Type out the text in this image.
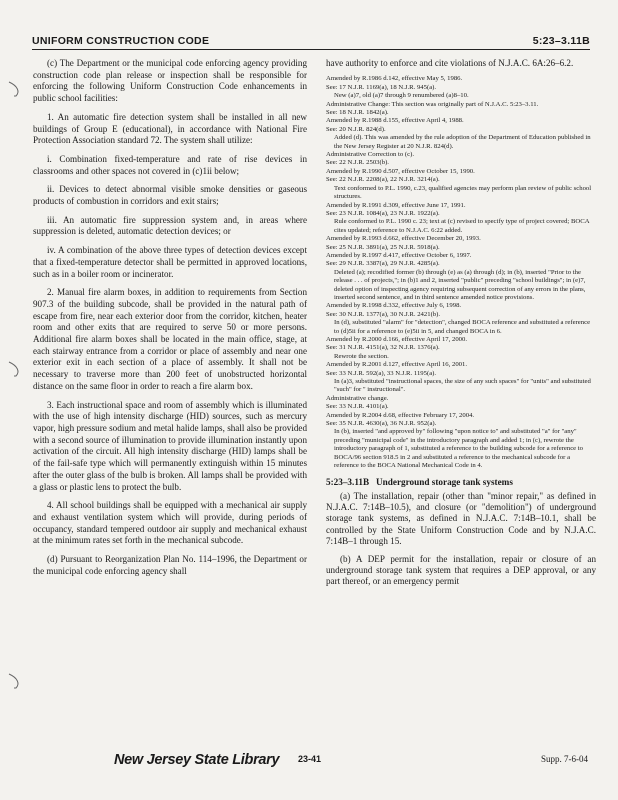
UNIFORM CONSTRUCTION CODE	5:23–3.11B

(c) The Department or the municipal code enforcing agency providing construction code plan release or inspection shall be responsible for enforcing the following Uniform Construction Code enhancements in public school facilities:

1. An automatic fire detection system shall be installed in all new buildings of Group E (educational), in accordance with National Fire Protection Association standard 72. The system shall utilize:

i. Combination fixed-temperature and rate of rise devices in classrooms and other spaces not covered in (c)1ii below;

ii. Devices to detect abnormal visible smoke densities or gaseous products of combustion in corridors and exit stairs;

iii. An automatic fire suppression system and, in areas where suppression is deleted, automatic detection devices; or

iv. A combination of the above three types of detection devices except that a fixed-temperature detector shall be permitted in approved locations, such as in a boiler room or incinerator.

2. Manual fire alarm boxes, in addition to requirements from Section 907.3 of the building subcode, shall be provided in the natural path of escape from fire, near each exterior door from the corridor, kitchen, heater room and other exits that are required to serve 50 or more persons. Additional fire alarm boxes shall be located in the main office, stage, at each stairway entrance from a corridor or place of assembly and near one exterior exit in each section of a place of assembly. It shall not be necessary to traverse more than 200 feet of unobstructed horizontal distance on the same floor in order to reach a fire alarm box.

3. Each instructional space and room of assembly which is illuminated with the use of high intensity discharge (HID) sources, such as mercury vapor, high pressure sodium and metal halide lamps, shall also be provided with a second source of illumination to provide illumination instantly upon activation of the circuit. All high intensity discharge (HID) lamps shall be of the fail-safe type which will permanently extinguish within 15 minutes after the outer glass of the bulb is broken. All lamps shall be provided with a glass or plastic lens to protect the bulb.

4. All school buildings shall be equipped with a mechanical air supply and exhaust ventilation system which will provide, during periods of occupancy, standard tempered outdoor air supply and mechanical exhaust at the minimum rates set forth in the mechanical subcode.

(d) Pursuant to Reorganization Plan No. 114–1996, the Department or the municipal code enforcing agency shall

have authority to enforce and cite violations of N.J.A.C. 6A:26–6.2.

Amended by R.1986 d.142, effective May 5, 1986.
See: 17 N.J.R. 1169(a), 18 N.J.R. 945(a).
New (a)7, old (a)7 through 9 renumbered (a)8–10.
Administrative Change: This section was originally part of N.J.A.C. 5:23–3.11.
See: 18 N.J.R. 1842(a).
Amended by R.1988 d.155, effective April 4, 1988.
See: 20 N.J.R. 824(d).
Added (d). This was amended by the rule adoption of the Department of Education published in the New Jersey Register at 20 N.J.R. 824(d).
Administrative Correction to (c).
See: 22 N.J.R. 2503(b).
Amended by R.1990 d.507, effective October 15, 1990.
See: 22 N.J.R. 2208(a), 22 N.J.R. 3214(a).
Text conformed to P.L. 1990, c.23, qualified agencies may perform plan review of public school structures.
Amended by R.1991 d.309, effective June 17, 1991.
See: 23 N.J.R. 1084(a), 23 N.J.R. 1922(a).
Rule conformed to P.L. 1990 c. 23; text at (c) revised to specify type of project covered; BOCA cites updated; reference to N.J.A.C. 6:22 added.
Amended by R.1993 d.662, effective December 20, 1993.
See: 25 N.J.R. 3891(a), 25 N.J.R. 5918(a).
Amended by R.1997 d.417, effective October 6, 1997.
See: 29 N.J.R. 3387(a), 29 N.J.R. 4285(a).
Deleted (a); recodified former (b) through (e) as (a) through (d); in (b), inserted "Prior to the release . . . of projects,"; in (b)1 and 2, inserted "public" preceding "school buildings"; in (e)7, deleted option of inspecting agency requiring subsequent correction of any errors in the plans, inserted second sentence, and in third sentence amended notice provisions.
Amended by R.1998 d.332, effective July 6, 1998.
See: 30 N.J.R. 1377(a), 30 N.J.R. 2421(b).
In (d), substituted "alarm" for "detection", changed BOCA reference and substituted a reference to (d)5ii for a reference to (e)5ii in 5, and changed BOCA in 6.
Amended by R.2000 d.166, effective April 17, 2000.
See: 31 N.J.R. 4151(a), 32 N.J.R. 1376(a).
Rewrote the section.
Amended by R.2001 d.127, effective April 16, 2001.
See: 33 N.J.R. 592(a), 33 N.J.R. 1195(a).
In (a)3, substituted "instructional spaces, the size of any such spaces" for "units" and substituted "such" for " instructional".
Administrative change.
See: 33 N.J.R. 4101(a).
Amended by R.2004 d.68, effective February 17, 2004.
See: 35 N.J.R. 4630(a), 36 N.J.R. 952(a).
In (b), inserted "and approved by" following "upon notice to" and substituted "a" for "any" preceding "municipal code" in the introductory paragraph and added 1; in (c), rewrote the introductory paragraph of 1, substituted a reference to the building subcode for a reference to BOCA/96 section 918.5 in 2 and substituted a reference to the mechanical subcode for a reference to the BOCA National Mechanical Code in 4.
5:23–3.11B Underground storage tank systems

(a) The installation, repair (other than "minor repair," as defined in N.J.A.C. 7:14B–10.5), and closure (or "demolition") of underground storage tank systems, as defined in N.J.A.C. 7:14B–10.1, shall be controlled by the State Uniform Construction Code and by N.J.A.C. 7:14B–1 through 15.

(b) A DEP permit for the installation, repair or closure of an underground storage tank system that requires a DEP approval, or any part thereof, or an emergency permit

New Jersey State Library 23-41	Supp. 7-6-04
